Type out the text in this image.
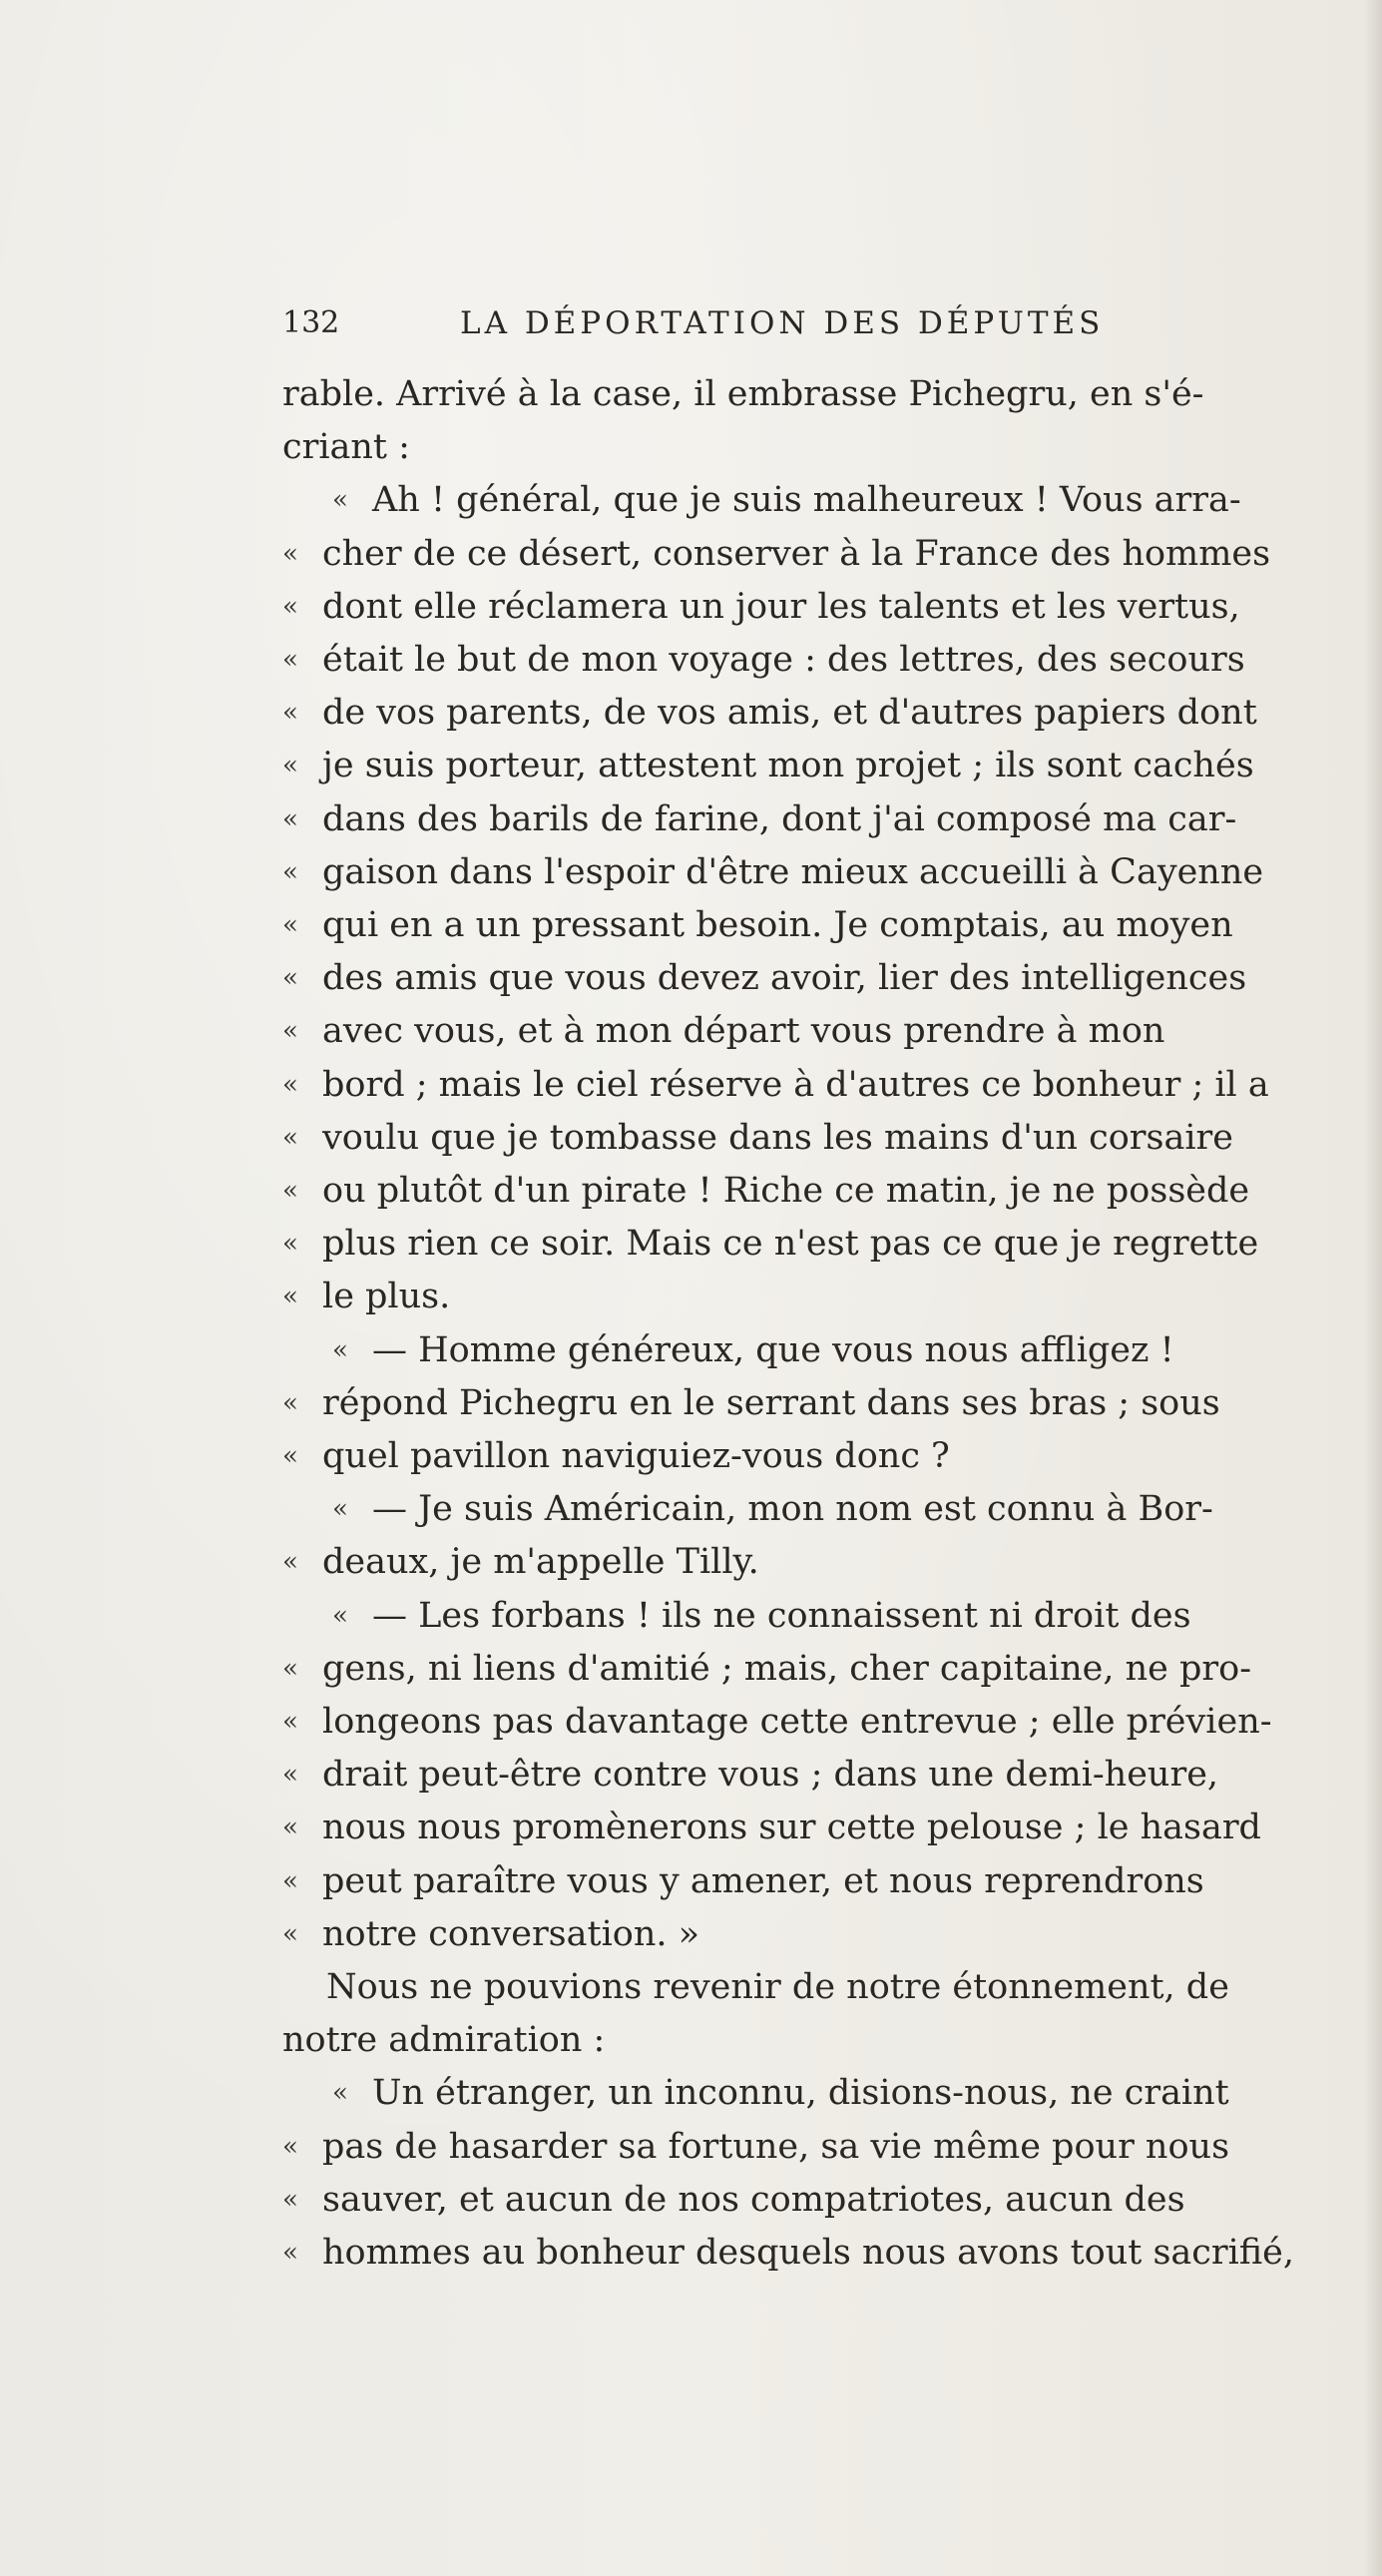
132	LA DÉPORTATION DES DÉPUTÉS
rable. Arrivé à la case, il embrasse Pichegru, en s'é-
criant :
« Ah ! général, que je suis malheureux ! Vous arra-
« cher de ce désert, conserver à la France des hommes
« dont elle réclamera un jour les talents et les vertus,
« était le but de mon voyage : des lettres, des secours
« de vos parents, de vos amis, et d'autres papiers dont
« je suis porteur, attestent mon projet ; ils sont cachés
« dans des barils de farine, dont j'ai composé ma car-
« gaison dans l'espoir d'être mieux accueilli à Cayenne
« qui en a un pressant besoin. Je comptais, au moyen
« des amis que vous devez avoir, lier des intelligences
« avec vous, et à mon départ vous prendre à mon
« bord ; mais le ciel réserve à d'autres ce bonheur ; il a
« voulu que je tombasse dans les mains d'un corsaire
« ou plutôt d'un pirate ! Riche ce matin, je ne possède
« plus rien ce soir. Mais ce n'est pas ce que je regrette
« le plus.
« — Homme généreux, que vous nous affligez !
« répond Pichegru en le serrant dans ses bras ; sous
« quel pavillon naviguiez-vous donc ?
« — Je suis Américain, mon nom est connu à Bor-
« deaux, je m'appelle Tilly.
« — Les forbans ! ils ne connaissent ni droit des
« gens, ni liens d'amitié ; mais, cher capitaine, ne pro-
« longeons pas davantage cette entrevue ; elle prévien-
« drait peut-être contre vous ; dans une demi-heure,
« nous nous promènerons sur cette pelouse ; le hasard
« peut paraître vous y amener, et nous reprendrons
« notre conversation. »
Nous ne pouvions revenir de notre étonnement, de
notre admiration :
« Un étranger, un inconnu, disions-nous, ne craint
« pas de hasarder sa fortune, sa vie même pour nous
« sauver, et aucun de nos compatriotes, aucun des
« hommes au bonheur desquels nous avons tout sacrifié,
